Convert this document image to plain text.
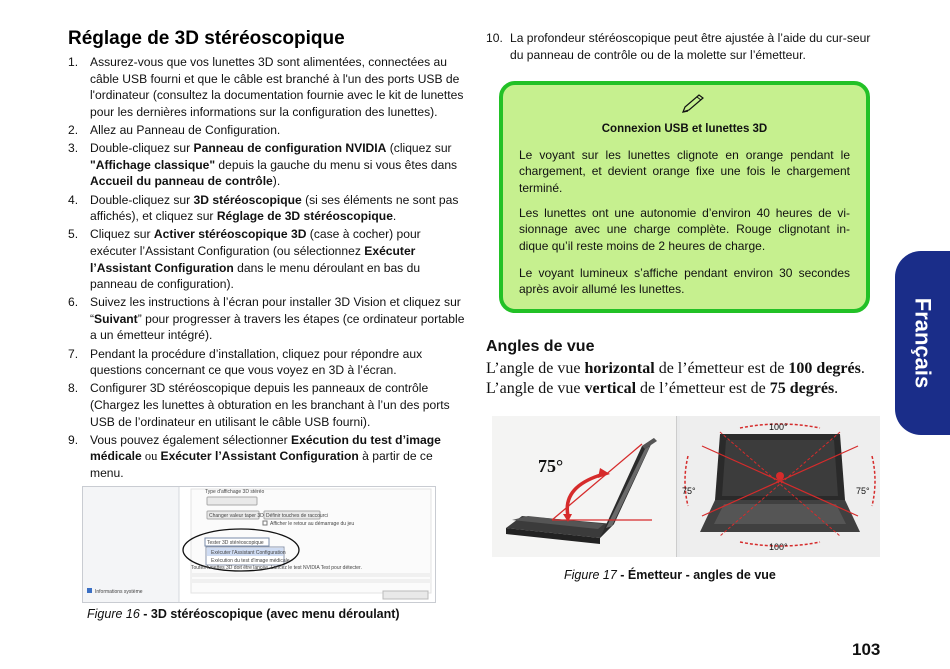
Réglage de 3D stéréoscopique
1. Assurez-vous que vos lunettes 3D sont alimentées, connectées au câble USB fourni et que le câble est branché à l'un des ports USB de l'ordinateur (consultez la documentation fournie avec le kit de lunettes pour les dernières informations sur la configuration des lunettes).
2. Allez au Panneau de Configuration.
3. Double-cliquez sur Panneau de configuration NVIDIA (cliquez sur "Affichage classique" depuis la gauche du menu si vous êtes dans Accueil du panneau de contrôle).
4. Double-cliquez sur 3D stéréoscopique (si ses éléments ne sont pas affichés), et cliquez sur Réglage de 3D stéréoscopique.
5. Cliquez sur Activer stéréoscopique 3D (case à cocher) pour exécuter l’Assistant Configuration (ou sélectionnez Exécuter l’Assistant Configuration dans le menu déroulant en bas du panneau de configuration).
6. Suivez les instructions à l’écran pour installer 3D Vision et cliquez sur “Suivant” pour progresser à travers les étapes (ce ordinateur portable a un émetteur intégré).
7. Pendant la procédure d’installation, cliquez pour répondre aux questions concernant ce que vous voyez en 3D à l’écran.
8. Configurer 3D stéréoscopique depuis les panneaux de contrôle (Chargez les lunettes à obturation en les branchant à l’un des ports USB de l’ordinateur en utilisant le câble USB fourni).
9. Vous pouvez également sélectionner Exécution du test d’image médicale ou Exécuter l’Assistant Configuration à partir de ce menu.
Informations système
Type d'affichage 3D stéréo
Changer valeur taper 3D Définir touches de raccourci
Afficher le retour au démarrage du jeu
Tester 3D stéréoscopique
Exécuter l'Assistant Configuration
Exécution du test d'image médicale
Toutes lunettes 3D doit être lancée. Lancez le test NVIDIA Test pour détecter.
Figure 16 - 3D stéréoscopique (avec menu déroulant)
10. La profondeur stéréoscopique peut être ajustée à l’aide du cur-seur du panneau de contrôle ou de la molette sur l’émetteur.
Connexion USB et lunettes 3D
Le voyant sur les lunettes clignote en orange pendant le chargement, et devient orange fixe une fois le chargement terminé.
Les lunettes ont une autonomie d’environ 40 heures de vi-sionnage avec une charge complète. Rouge clignotant in-dique qu’il reste moins de 2 heures de charge.
Le voyant lumineux s’affiche pendant environ 30 secondes après avoir allumé les lunettes.
Angles de vue
L’angle de vue horizontal de l’émetteur est de 100 degrés.
L’angle de vue vertical de l’émetteur est de 75 degrés.
75°
100°
100°
75°	75°
Figure 17 - Émetteur - angles de vue
Français
103
